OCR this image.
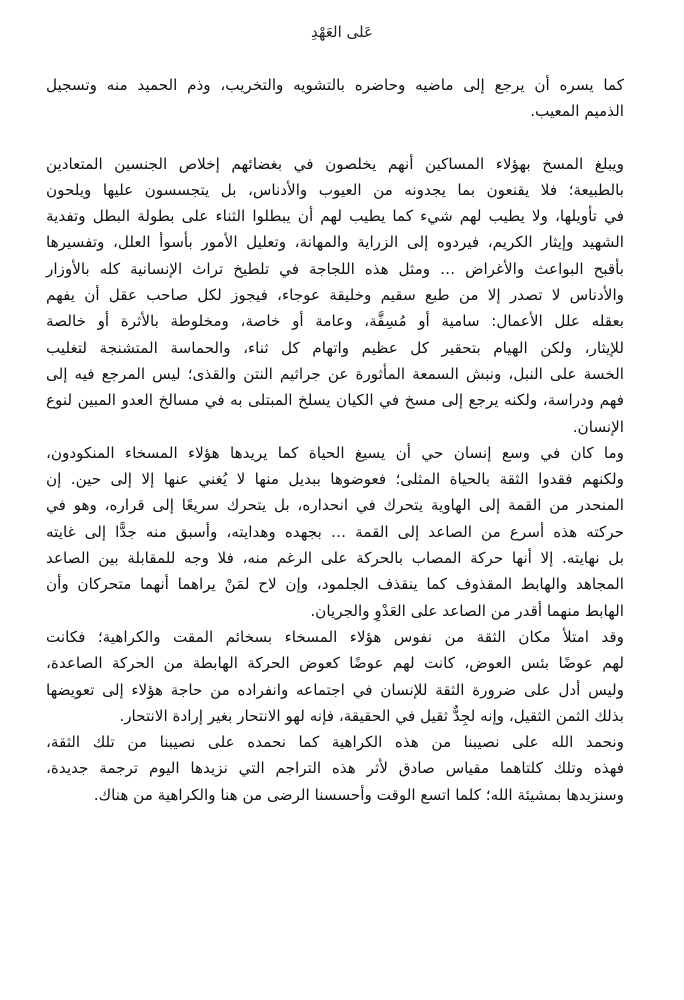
عَلى العَهْدِ

كما يسره أن يرجع إلى ماضيه وحاضره بالتشويه والتخريب، وذم الحميد منه وتسجيل
الذميم المعيب.

ويبلغ المسخ بهؤلاء المساكين أنهم يخلصون في بغضائهم إخلاص الجنسين المتعادين
بالطبيعة؛ فلا يقنعون بما يجدونه من العيوب والأدناس، بل يتجسسون عليها ويلحون
في تأويلها، ولا يطيب لهم شيء كما يطيب لهم أن يبطلوا الثناء على بطولة البطل وتفدية
الشهيد وإيثار الكريم، فيردوه إلى الزراية والمهانة، وتعليل الأمور بأسوأ العلل، وتفسيرها
بأقبح البواعث والأغراض … ومثل هذه اللجاجة في تلطيخ تراث الإنسانية كله بالأوزار
والأدناس لا تصدر إلا من طبع سقيم وخليقة عوجاء، فيجوز لكل صاحب عقل أن يفهم
بعقله علل الأعمال: سامية أو مُسِفَّة، وعامة أو خاصة، ومخلوطة بالأثرة أو خالصة
للإيثار، ولكن الهيام بتحقير كل عظيم واتهام كل ثناء، والحماسة المتشنجة لتغليب
الخسة على النبل، ونبش السمعة المأثورة عن جراثيم النتن والقذى؛ ليس المرجع فيه إلى
فهم ودراسة، ولكنه يرجع إلى مسخ في الكيان يسلخ المبتلى به في مسالخ العدو المبين لنوع
الإنسان.

وما كان في وسع إنسان حي أن يسيغ الحياة كما يريدها هؤلاء المسخاء المنكودون،
ولكنهم فقدوا الثقة بالحياة المثلى؛ فعوضوها ببديل منها لا يُغني عنها إلا إلى حين. إن
المنحدر من القمة إلى الهاوية يتحرك في انحداره، بل يتحرك سريعًا إلى قراره، وهو في
حركته هذه أسرع من الصاعد إلى القمة … بجهده وهدايته، وأسبق منه جدًّا إلى غايته
بل نهايته. إلا أنها حركة المصاب بالحركة على الرغم منه، فلا وجه للمقابلة بين الصاعد
المجاهد والهابط المقذوف كما ينقذف الجلمود، وإن لاح لمَنْ يراهما أنهما متحركان وأن
الهابط منهما أقدر من الصاعد على العَدْوِ والجريان.

وقد امتلأ مكان الثقة من نفوس هؤلاء المسخاء بسخائم المقت والكراهية؛ فكانت
لهم عوضًا بئس العوض، كانت لهم عوضًا كعوض الحركة الهابطة من الحركة الصاعدة،
وليس أدل على ضرورة الثقة للإنسان في اجتماعه وانفراده من حاجة هؤلاء إلى تعويضها
بذلك الثمن الثقيل، وإنه لجِدٌّ ثقيل في الحقيقة، فإنه لهو الانتحار بغير إرادة الانتحار.

ونحمد الله على نصيبنا من هذه الكراهية كما نحمده على نصيبنا من تلك الثقة،
فهذه وتلك كلتاهما مقياس صادق لأثر هذه التراجم التي نزيدها اليوم ترجمة جديدة،
وسنزيدها بمشيئة الله؛ كلما اتسع الوقت وأحسسنا الرضى من هنا والكراهية من هناك.
